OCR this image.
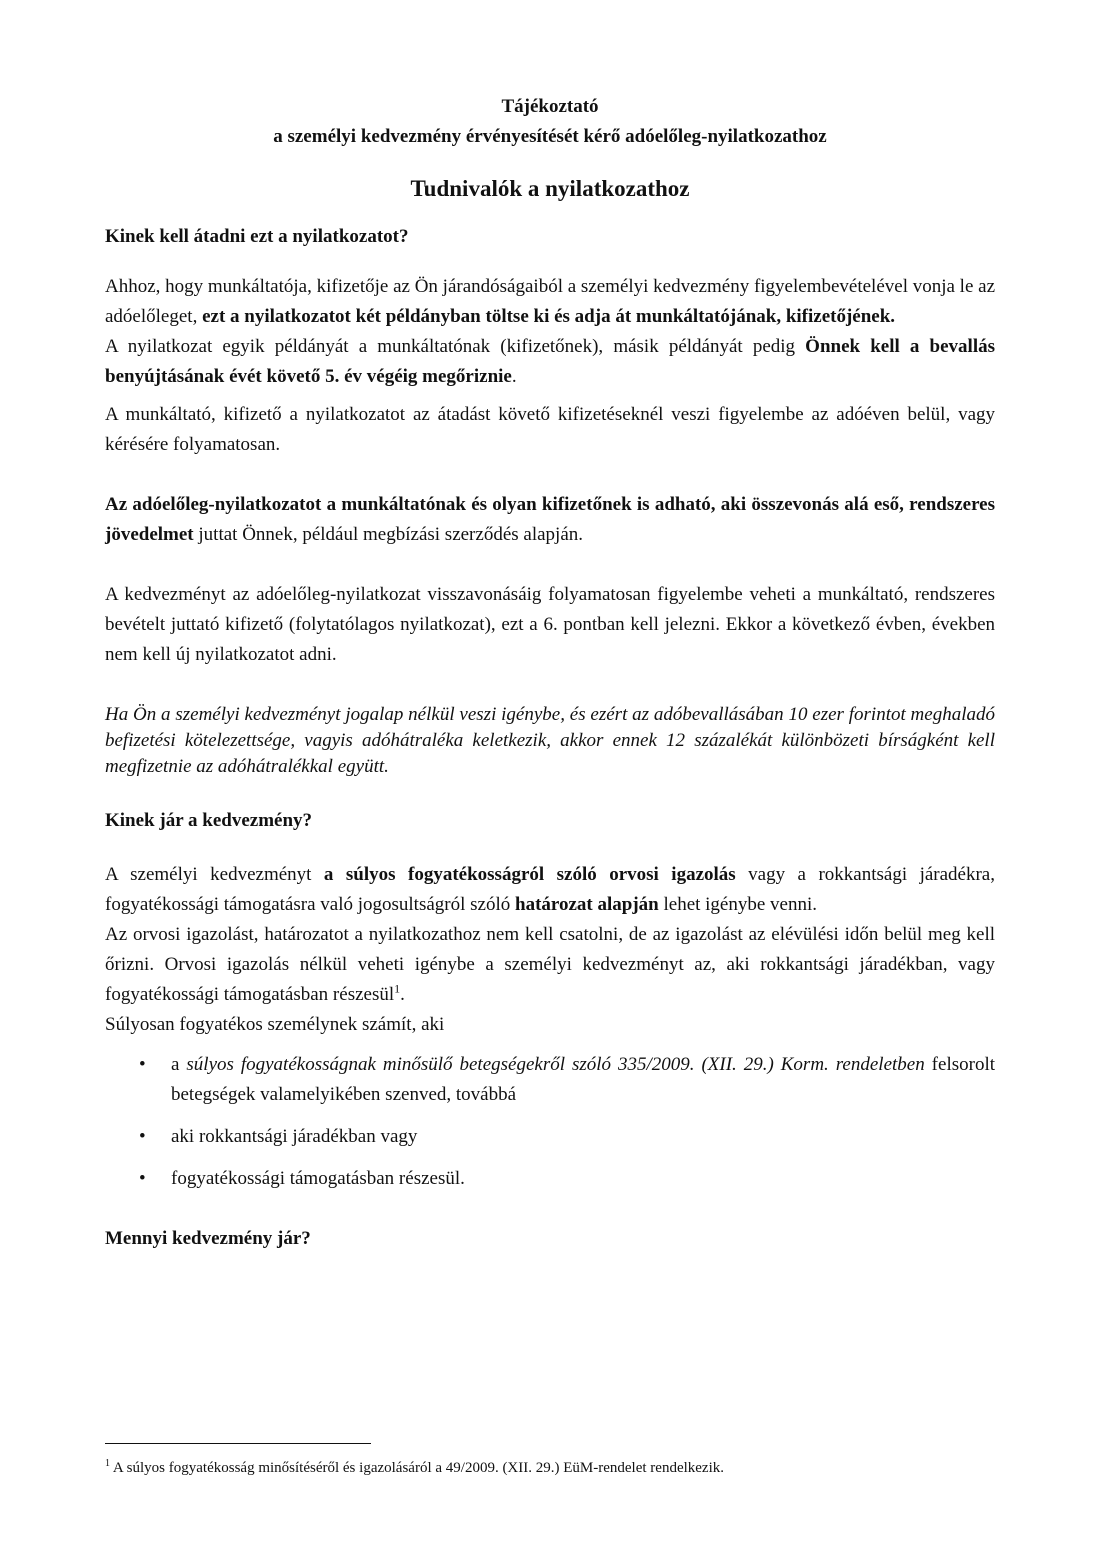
Tájékoztató

a személyi kedvezmény érvényesítését kérő adóelőleg-nyilatkozathoz

Tudnivalók a nyilatkozathoz

Kinek kell átadni ezt a nyilatkozatot?

Ahhoz, hogy munkáltatója, kifizetője az Ön járandóságaiból a személyi kedvezmény figyelembevételével vonja le az adóelőleget, ezt a nyilatkozatot két példányban töltse ki és adja át munkáltatójának, kifizetőjének.

A nyilatkozat egyik példányát a munkáltatónak (kifizetőnek), másik példányát pedig Önnek kell a bevallás benyújtásának évét követő 5. év végéig megőriznie.

A munkáltató, kifizető a nyilatkozatot az átadást követő kifizetéseknél veszi figyelembe az adóéven belül, vagy kérésére folyamatosan.

Az adóelőleg-nyilatkozatot a munkáltatónak és olyan kifizetőnek is adható, aki összevonás alá eső, rendszeres jövedelmet juttat Önnek, például megbízási szerződés alapján.

A kedvezményt az adóelőleg-nyilatkozat visszavonásáig folyamatosan figyelembe veheti a munkáltató, rendszeres bevételt juttató kifizető (folytatólagos nyilatkozat), ezt a 6. pontban kell jelezni. Ekkor a következő évben, években nem kell új nyilatkozatot adni.

Ha Ön a személyi kedvezményt jogalap nélkül veszi igénybe, és ezért az adóbevallásában 10 ezer forintot meghaladó befizetési kötelezettsége, vagyis adóhátraléka keletkezik, akkor ennek 12 százalékát különbözeti bírságként kell megfizetnie az adóhátralékkal együtt.

Kinek jár a kedvezmény?

A személyi kedvezményt a súlyos fogyatékosságról szóló orvosi igazolás vagy a rokkantsági járadékra, fogyatékossági támogatásra való jogosultságról szóló határozat alapján lehet igénybe venni.

Az orvosi igazolást, határozatot a nyilatkozathoz nem kell csatolni, de az igazolást az elévülési időn belül meg kell őrizni. Orvosi igazolás nélkül veheti igénybe a személyi kedvezményt az, aki rokkantsági járadékban, vagy fogyatékossági támogatásban részesül$^1$.

Súlyosan fogyatékos személynek számít, aki

• a súlyos fogyatékosságnak minősülő betegségekről szóló 335/2009. (XII. 29.) Korm. rendeletben felsorolt betegségek valamelyikében szenved, továbbá
• aki rokkantsági járadékban vagy
• fogyatékossági támogatásban részesül.
Mennyi kedvezmény jár?
$^1$ A súlyos fogyatékosság minősítéséről és igazolásáról a 49/2009. (XII. 29.) EüM-rendelet rendelkezik.
